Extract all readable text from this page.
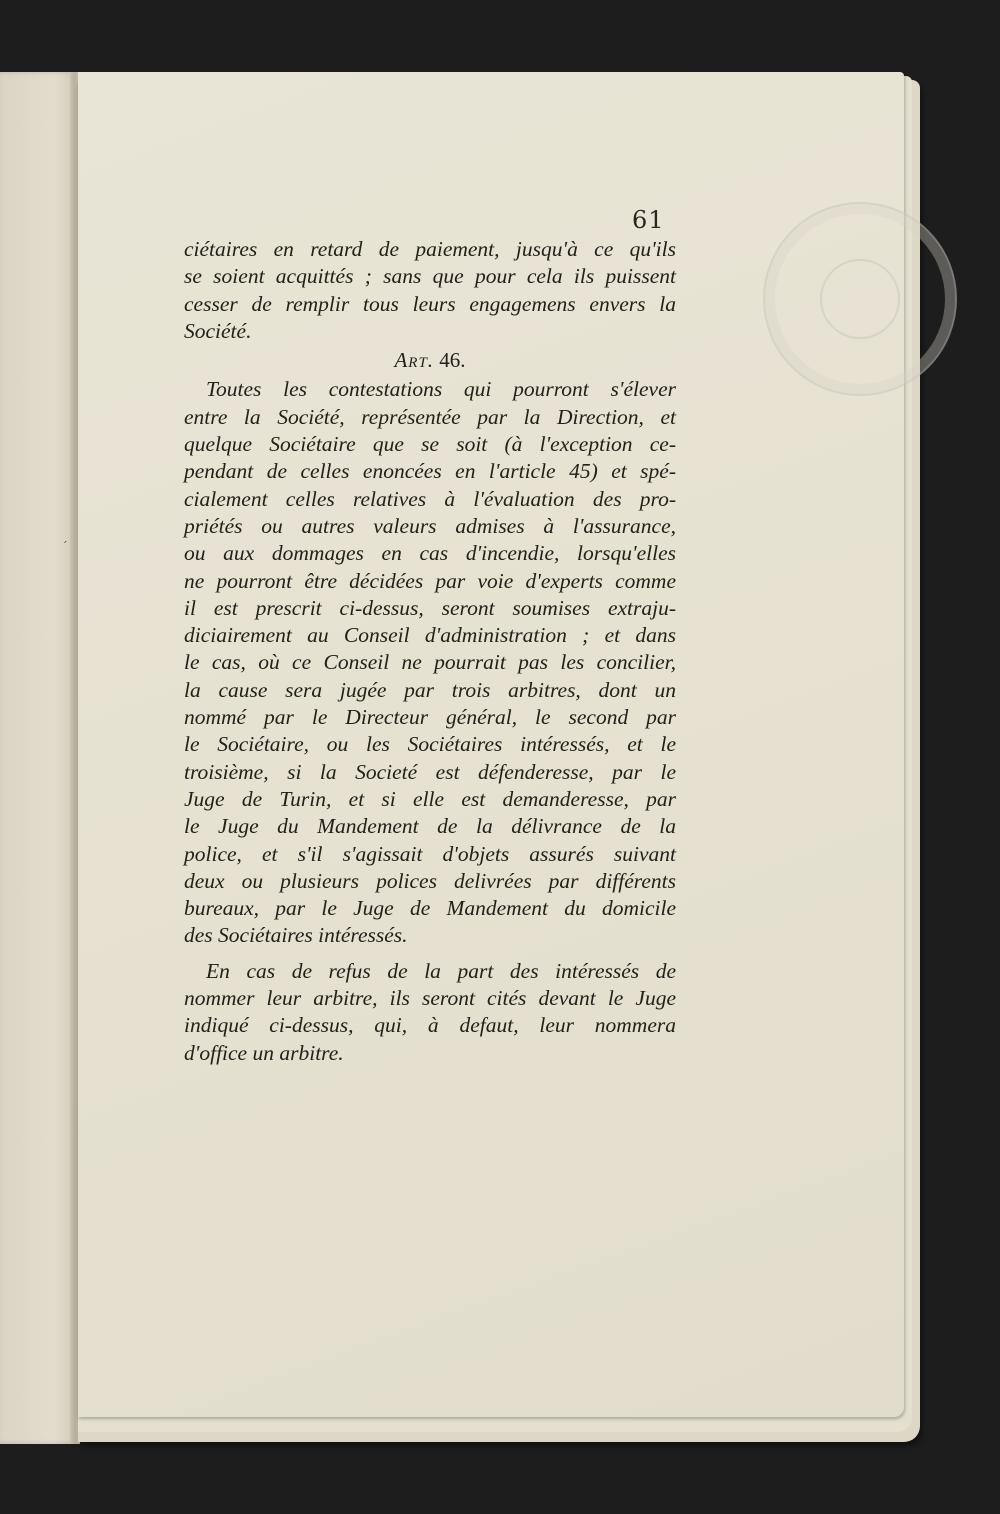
´
61
ciétaires en retard de paiement, jusqu'à ce qu'ils
se soient acquittés ; sans que pour cela ils puissent
cesser de remplir tous leurs engagemens envers la
Société.
Art. 46.
Toutes les contestations qui pourront s'élever
entre la Société, représentée par la Direction, et
quelque Sociétaire que se soit (à l'exception ce-
pendant de celles enoncées en l'article 45) et spé-
cialement celles relatives à l'évaluation des pro-
priétés ou autres valeurs admises à l'assurance,
ou aux dommages en cas d'incendie, lorsqu'elles
ne pourront être décidées par voie d'experts comme
il est prescrit ci-dessus, seront soumises extraju-
diciairement au Conseil d'administration ; et dans
le cas, où ce Conseil ne pourrait pas les concilier,
la cause sera jugée par trois arbitres, dont un
nommé par le Directeur général, le second par
le Sociétaire, ou les Sociétaires intéressés, et le
troisième, si la Societé est défenderesse, par le
Juge de Turin, et si elle est demanderesse, par
le Juge du Mandement de la délivrance de la
police, et s'il s'agissait d'objets assurés suivant
deux ou plusieurs polices delivrées par différents
bureaux, par le Juge de Mandement du domicile
des Sociétaires intéressés.
En cas de refus de la part des intéressés de
nommer leur arbitre, ils seront cités devant le Juge
indiqué ci-dessus, qui, à defaut, leur nommera
d'office un arbitre.
